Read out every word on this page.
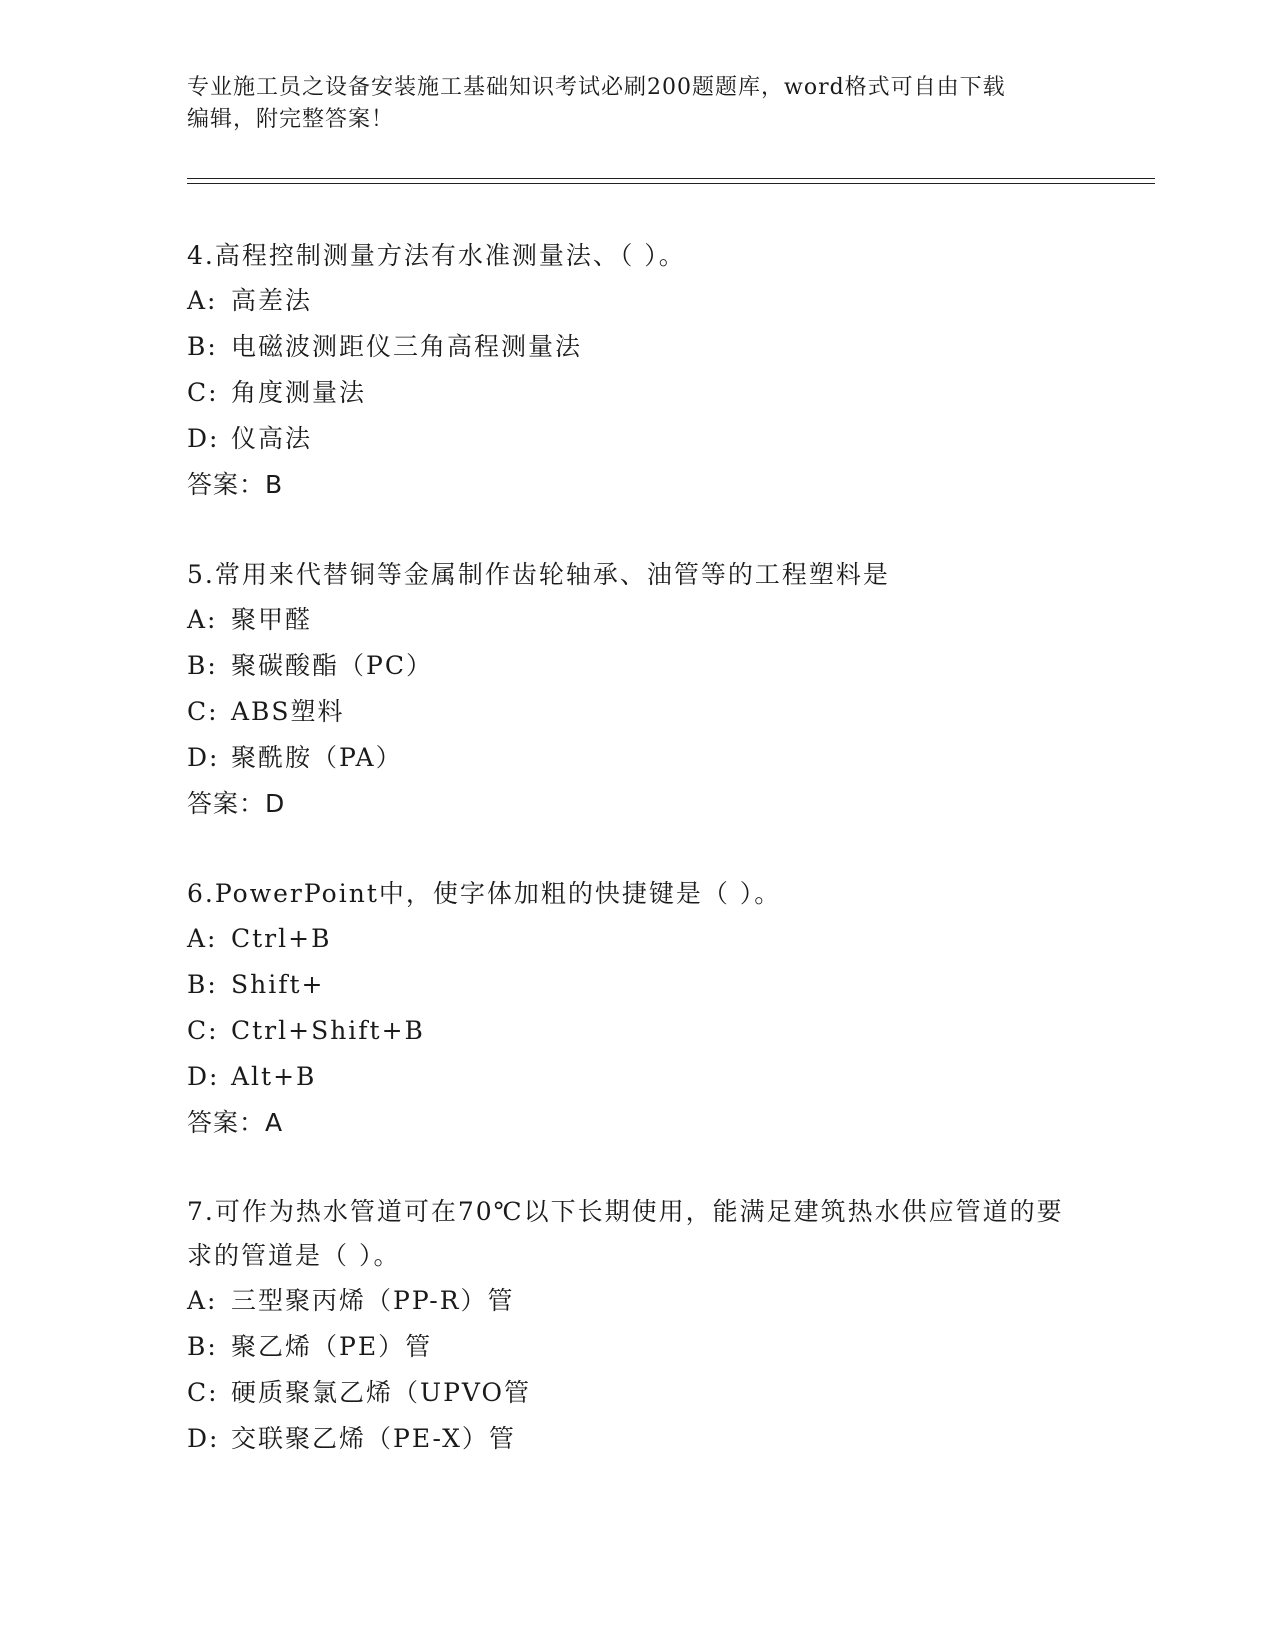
专业施工员之设备安装施工基础知识考试必刷200题题库，word格式可自由下载
编辑，附完整答案！
4.高程控制测量方法有水准测量法、（ ）。
A: 高差法
B: 电磁波测距仪三角高程测量法
C: 角度测量法
D: 仪高法
答案：B
5.常用来代替铜等金属制作齿轮轴承、油管等的工程塑料是
A: 聚甲醛
B: 聚碳酸酯（PC）
C: ABS塑料
D: 聚酰胺（PA）
答案：D
6.PowerPoint中，使字体加粗的快捷键是（ ）。
A: Ctrl+B
B: Shift+
C: Ctrl+Shift+B
D: Alt+B
答案：A
7.可作为热水管道可在70℃以下长期使用，能满足建筑热水供应管道的要求的管道是（ ）。
A: 三型聚丙烯（PP-R）管
B: 聚乙烯（PE）管
C: 硬质聚氯乙烯（UPVO管
D: 交联聚乙烯（PE-X）管
